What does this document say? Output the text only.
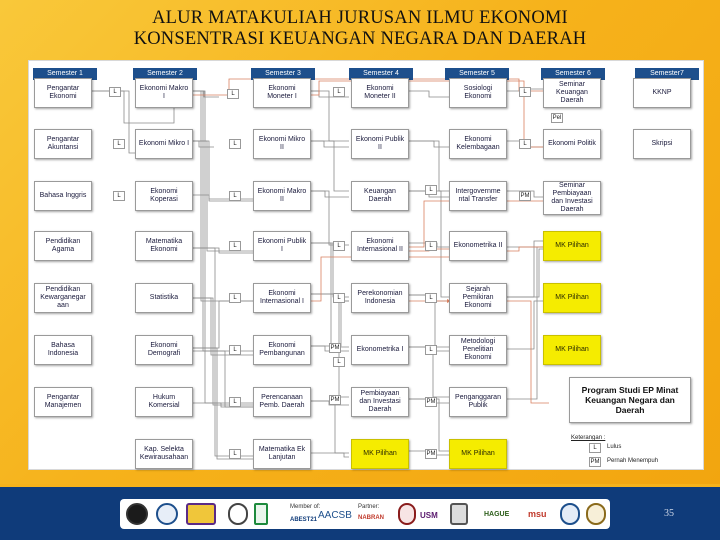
ALUR MATAKULIAH JURUSAN ILMU EKONOMI
KONSENTRASI KEUANGAN NEGARA DAN DAERAH
Semester 1	Semester 2	Semester 3	Semester 4	Semester 5	Semester 6	Semester7
Pengantar Ekonomi
Pengantar Akuntansi
Bahasa Inggris
Pendidikan Agama
Pendidikan Kewarganegar aan
Bahasa Indonesia
Pengantar Manajemen
Ekonomi Makro I
Ekonomi Mikro I
Ekonomi Koperasi
Matematika Ekonomi
Statistika
Ekonomi Demografi
Hukum Komersial
Kap. Selekta Kewirausahaan
Ekonomi Moneter I
Ekonomi Mikro II
Ekonomi Makro II
Ekonomi Publik I
Ekonomi Internasional I
Ekonomi Pembangunan
Perencanaan Pemb. Daerah
Matematika Ek Lanjutan
Ekonomi Moneter II
Ekonomi Publik II
Keuangan Daerah
Ekonomi Internasional II
Perekonomian Indonesia
Ekonometrika I
Pembiayaan dan Investasi Daerah
MK Pilihan
Sosiologi Ekonomi
Ekonomi Kelembagaan
Intergovernme ntal Transfer
Ekonometrika II
Sejarah Pemikiran Ekonomi
Metodologi Penelitian Ekonomi
Penganggaran Publik
MK Pilihan
Seminar Keuangan Daerah
Ekonomi Politik
Seminar Pembiayaan dan Investasi Daerah
MK Pilihan
MK Pilihan
MK Pilihan
KKNP
Skripsi
Program Studi EP Minat Keuangan Negara dan Daerah
L
L
L
L
L
L
L
L
L
L
L
L
L
L
PM
L
PM
L
L
L
L
PM
PM
L
L
Pel
PM
Keterangan :
L	Lulus
PM Pernah Menempuh
Member of:
ABEST21 AACSB
Partner:
NABRAN	USM	HAGUE msu	35
